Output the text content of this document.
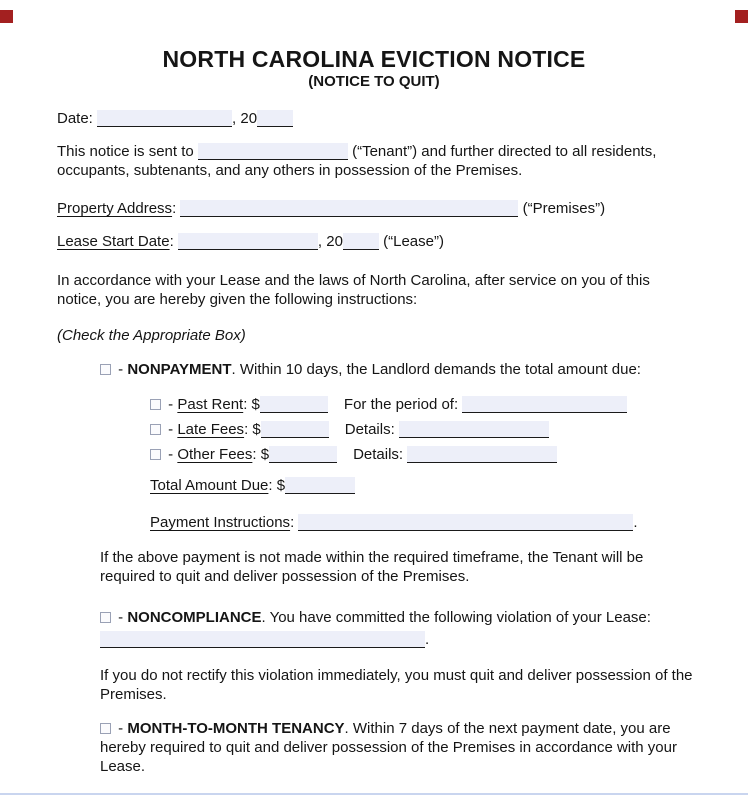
NORTH CAROLINA EVICTION NOTICE
(NOTICE TO QUIT)
Date:	, 20
This notice is sent to	(“Tenant”) and further directed to all residents, occupants, subtenants, and any others in possession of the Premises.
Property Address:	(“Premises”)
Lease Start Date:	, 20	(“Lease”)
In accordance with your Lease and the laws of North Carolina, after service on you of this notice, you are hereby given the following instructions:
(Check the Appropriate Box)
- NONPAYMENT. Within 10 days, the Landlord demands the total amount due:
- Past Rent: $	For the period of:
- Late Fees: $	Details:
- Other Fees: $	Details:
Total Amount Due: $
Payment Instructions:	.
If the above payment is not made within the required timeframe, the Tenant will be required to quit and deliver possession of the Premises.
- NONCOMPLIANCE. You have committed the following violation of your Lease:
.
If you do not rectify this violation immediately, you must quit and deliver possession of the Premises.
- MONTH-TO-MONTH TENANCY. Within 7 days of the next payment date, you are hereby required to quit and deliver possession of the Premises in accordance with your Lease.
